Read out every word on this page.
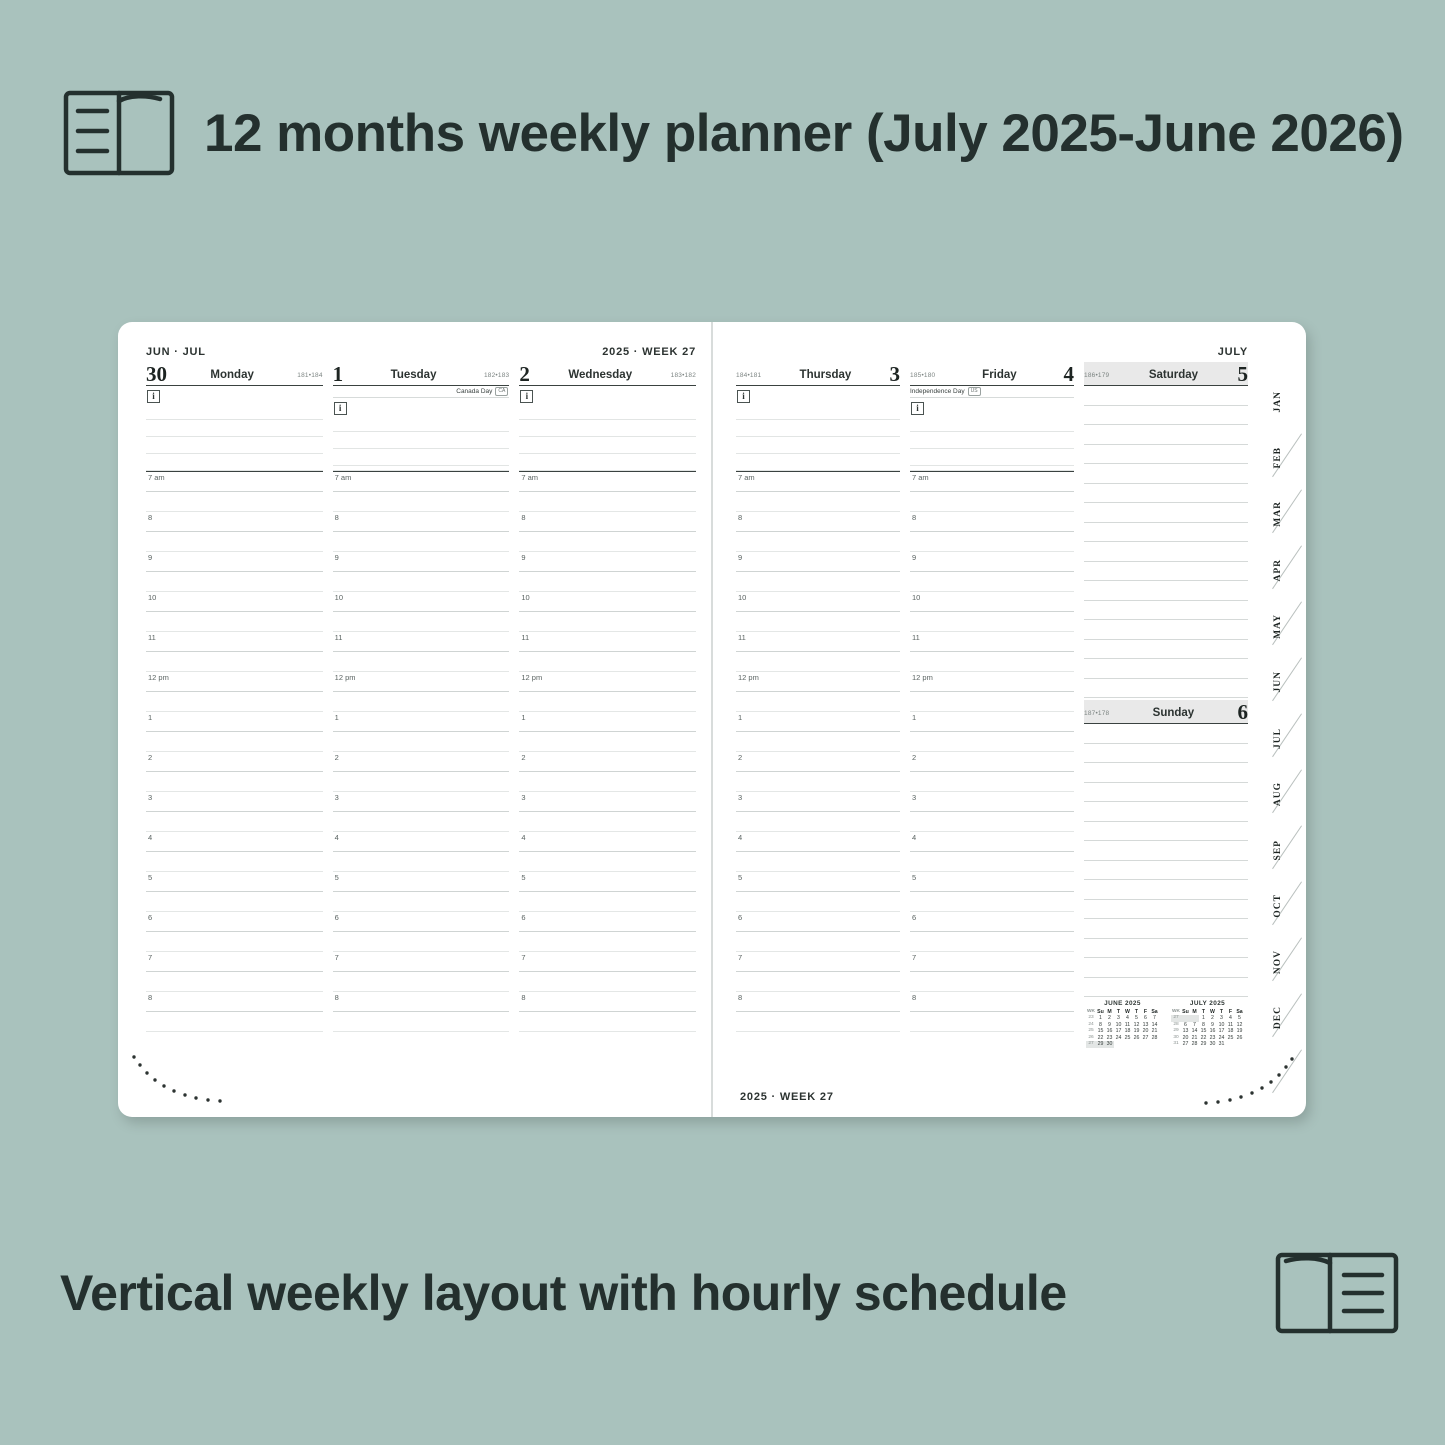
12 months weekly planner (July 2025-June 2026)
JUN · JUL	2025 · WEEK 27
30	Monday	181•184
i
7 am
8
9
10
11
12 pm
1
2
3
4
5
6
7
8
1	Tuesday	182•183
Canada Day	CA
i
7 am
8
9
10
11
12 pm
1
2
3
4
5
6
7
8
2	Wednesday	183•182
i
7 am
8
9
10
11
12 pm
1
2
3
4
5
6
7
8
JULY
184•181	Thursday	3
i
7 am
8
9
10
11
12 pm
1
2
3
4
5
6
7
8
185•180	Friday	4
Independence Day	US
i
7 am
8
9
10
11
12 pm
1
2
3
4
5
6
7
8
186•179	Saturday	5
187•178	Sunday	6
JUNE 2025
WK	Su	M	T	W	T	F	Sa
23	1	2	3	4	5	6	7
24	8	9	10	11	12	13	14
25	15	16	17	18	19	20	21
26	22	23	24	25	26	27	28
27	29	30					
JULY 2025
WK	Su	M	T	W	T	F	Sa
27			1	2	3	4	5
28	6	7	8	9	10	11	12
29	13	14	15	16	17	18	19
30	20	21	22	23	24	25	26
31	27	28	29	30	31		
2025 · WEEK 27
JAN
FEB
MAR
APR
MAY
JUN
JUL
AUG
SEP
OCT
NOV
DEC
Vertical weekly layout with hourly schedule
